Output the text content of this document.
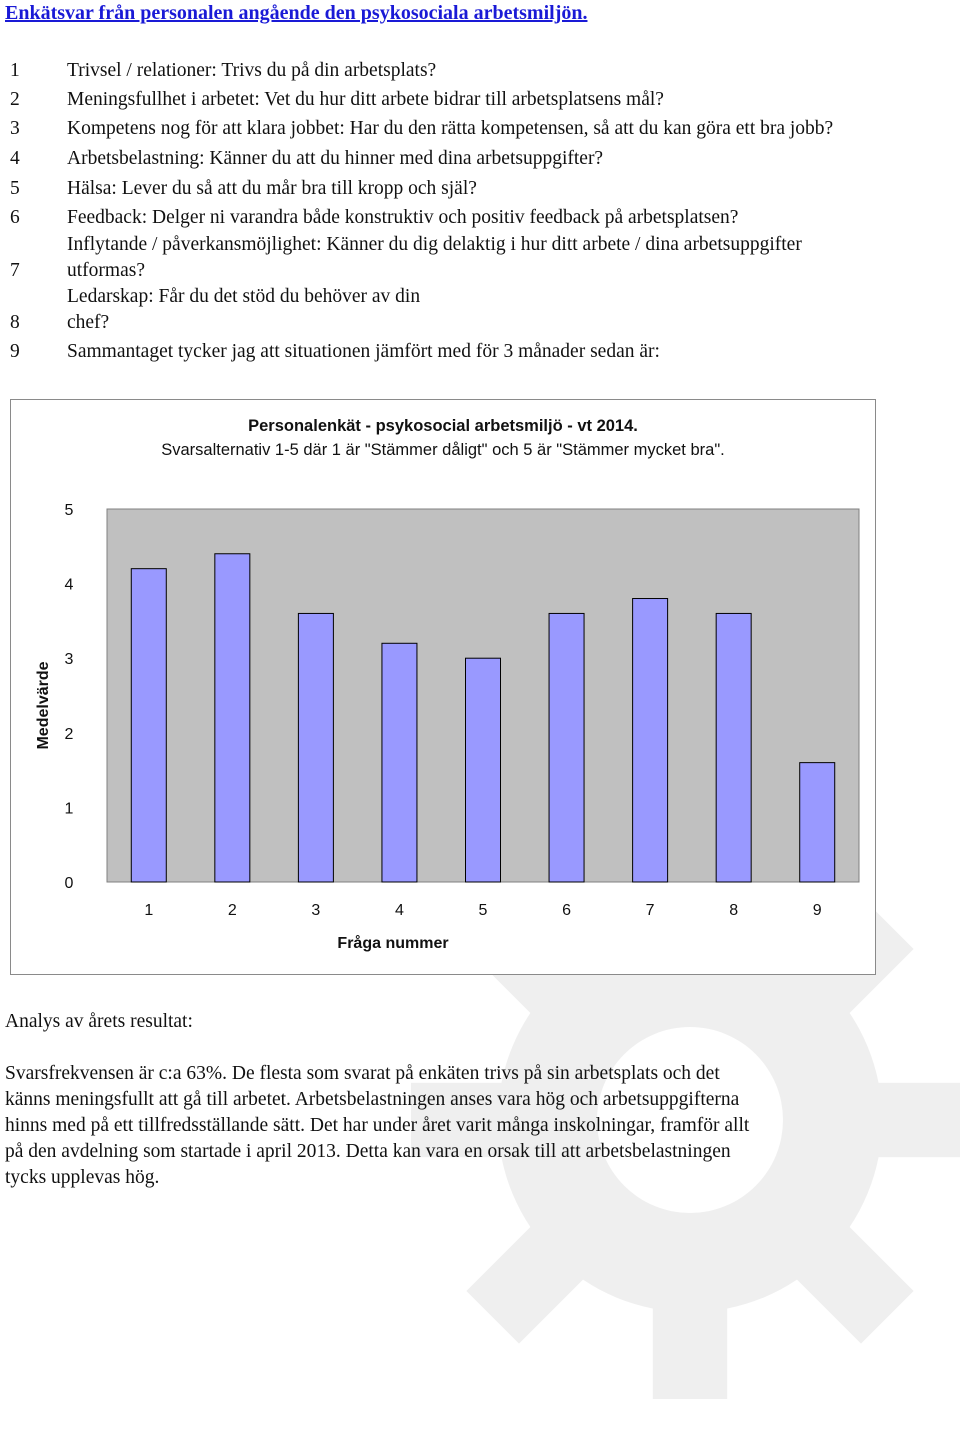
Enkätsvar från personalen angående den psykosociala arbetsmiljön.
1 Trivsel / relationer: Trivs du på din arbetsplats?
2 Meningsfullhet i arbetet: Vet du hur ditt arbete bidrar till arbetsplatsens mål?
3 Kompetens nog för att klara jobbet: Har du den rätta kompetensen, så att du kan göra ett bra jobb?
4 Arbetsbelastning: Känner du att du hinner med dina arbetsuppgifter?
5 Hälsa: Lever du så att du mår bra till kropp och själ?
6 Feedback: Delger ni varandra både konstruktiv och positiv feedback på arbetsplatsen?
Inflytande / påverkansmöjlighet: Känner du dig delaktig i hur ditt arbete / dina arbetsuppgifter
7 utformas?
Ledarskap: Får du det stöd du behöver av din
8 chef?
9 Sammantaget tycker jag att situationen jämfört med för 3 månader sedan är:
Personalenkät - psykosocial arbetsmiljö - vt 2014.
Svarsalternativ 1-5 där 1 är "Stämmer dåligt" och 5 är "Stämmer mycket bra".
0
1
2
3
4
5
1	2	3	4	5	6	7	8	9
Fråga nummer
Medelvärde
Analys av årets resultat:
Svarsfrekvensen är c:a 63%. De flesta som svarat på enkäten trivs på sin arbetsplats och det
känns meningsfullt att gå till arbetet. Arbetsbelastningen anses vara hög och arbetsuppgifterna
hinns med på ett tillfredsställande sätt. Det har under året varit många inskolningar, framför allt
på den avdelning som startade i april 2013. Detta kan vara en orsak till att arbetsbelastningen
tycks upplevas hög.
